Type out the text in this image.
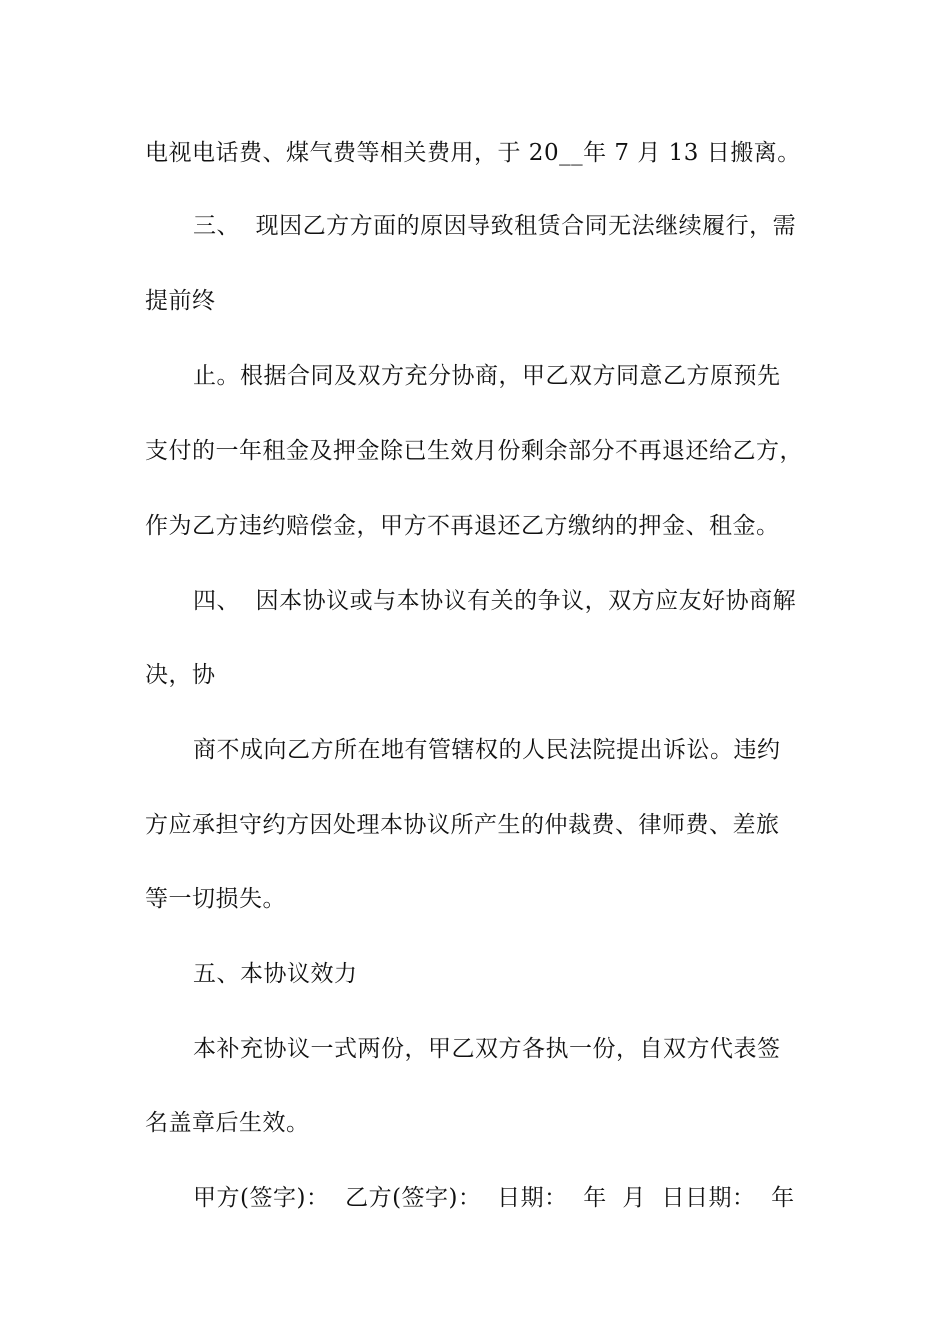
电视电话费、煤气费等相关费用，于 20__年 7 月 13 日搬离。
三、  现因乙方方面的原因导致租赁合同无法继续履行，需
提前终
止。根据合同及双方充分协商，甲乙双方同意乙方原预先
支付的一年租金及押金除已生效月份剩余部分不再退还给乙方，
作为乙方违约赔偿金，甲方不再退还乙方缴纳的押金、租金。
四、  因本协议或与本协议有关的争议，双方应友好协商解
决，协
商不成向乙方所在地有管辖权的人民法院提出诉讼。违约
方应承担守约方因处理本协议所产生的仲裁费、律师费、差旅
等一切损失。
五、本协议效力
本补充协议一式两份，甲乙双方各执一份，自双方代表签
名盖章后生效。
甲方(签字)：  乙方(签字)：  日期：  年  月  日日期：  年
